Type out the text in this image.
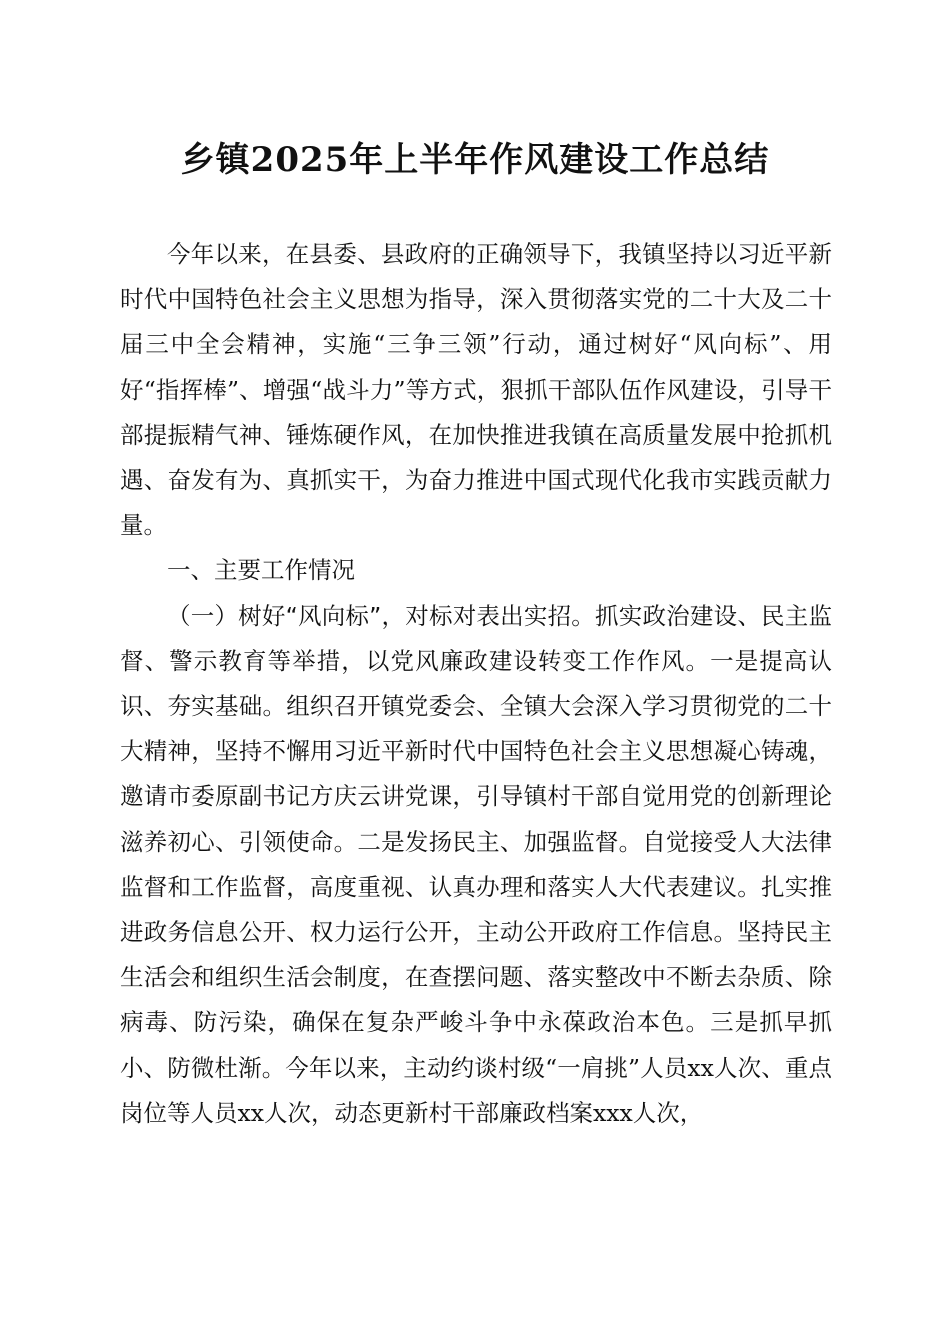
乡镇2025年上半年作风建设工作总结

今年以来，在县委、县政府的正确领导下，我镇坚持以习近平新时代中国特色社会主义思想为指导，深入贯彻落实党的二十大及二十届三中全会精神，实施“三争三领”行动，通过树好“风向标”、用好“指挥棒”、增强“战斗力”等方式，狠抓干部队伍作风建设，引导干部提振精气神、锤炼硬作风，在加快推进我镇在高质量发展中抢抓机遇、奋发有为、真抓实干，为奋力推进中国式现代化我市实践贡献力量。

一、主要工作情况

（一）树好“风向标”，对标对表出实招。抓实政治建设、民主监督、警示教育等举措，以党风廉政建设转变工作作风。一是提高认识、夯实基础。组织召开镇党委会、全镇大会深入学习贯彻党的二十大精神，坚持不懈用习近平新时代中国特色社会主义思想凝心铸魂，邀请市委原副书记方庆云讲党课，引导镇村干部自觉用党的创新理论滋养初心、引领使命。二是发扬民主、加强监督。自觉接受人大法律监督和工作监督，高度重视、认真办理和落实人大代表建议。扎实推进政务信息公开、权力运行公开，主动公开政府工作信息。坚持民主生活会和组织生活会制度，在查摆问题、落实整改中不断去杂质、除病毒、防污染，确保在复杂严峻斗争中永葆政治本色。三是抓早抓小、防微杜渐。今年以来，主动约谈村级“一肩挑”人员xx人次、重点岗位等人员xx人次，动态更新村干部廉政档案xxx人次，
